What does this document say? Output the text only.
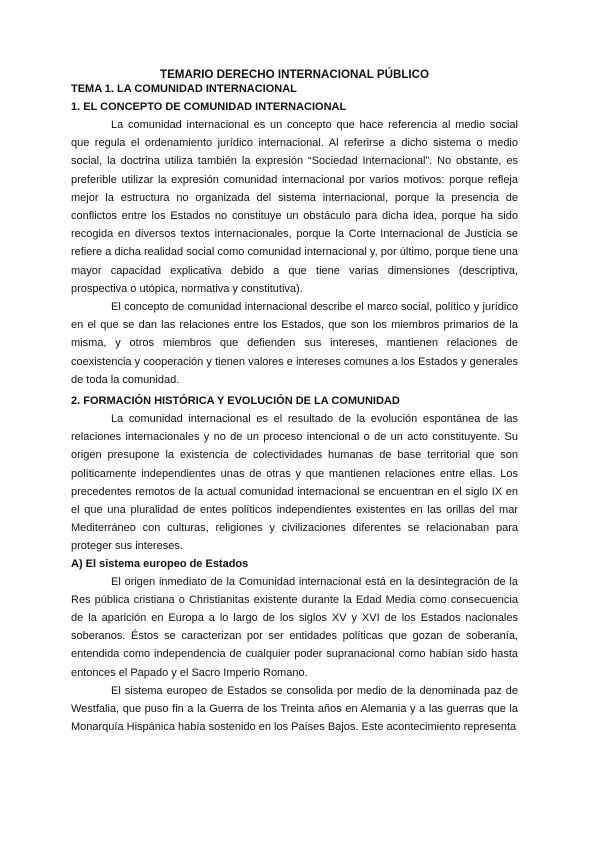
TEMARIO DERECHO INTERNACIONAL PÚBLICO
TEMA 1. LA COMUNIDAD INTERNACIONAL
1. EL CONCEPTO DE COMUNIDAD INTERNACIONAL

La comunidad internacional es un concepto que hace referencia al medio social que regula el ordenamiento jurídico internacional. Al referirse a dicho sistema o medio social, la doctrina utiliza también la expresión “Sociedad Internacional”. No obstante, es preferible utilizar la expresión comunidad internacional por varios motivos: porque refleja mejor la estructura no organizada del sistema internacional, porque la presencia de conflictos entre los Estados no constituye un obstáculo para dicha idea, porque ha sido recogida en diversos textos internacionales, porque la Corte Internacional de Justicia se refiere a dicha realidad social como comunidad internacional y, por último, porque tiene una mayor capacidad explicativa debido a que tiene varias dimensiones (descriptiva, prospectiva o utópica, normativa y constitutiva).

El concepto de comunidad internacional describe el marco social, político y jurídico en el que se dan las relaciones entre los Estados, que son los miembros primarios de la misma, y otros miembros que defienden sus intereses, mantienen relaciones de coexistencia y cooperación y tienen valores e intereses comunes a los Estados y generales de toda la comunidad.

2. FORMACIÓN HISTÓRICA Y EVOLUCIÓN DE LA COMUNIDAD

La comunidad internacional es el resultado de la evolución espontánea de las relaciones internacionales y no de un proceso intencional o de un acto constituyente. Su origen presupone la existencia de colectividades humanas de base territorial que son políticamente independientes unas de otras y que mantienen relaciones entre ellas. Los precedentes remotos de la actual comunidad internacional se encuentran en el siglo IX en el que una pluralidad de entes políticos independientes existentes en las orillas del mar Mediterráneo con culturas, religiones y civilizaciones diferentes se relacionaban para proteger sus intereses.

A) El sistema europeo de Estados

El origen inmediato de la Comunidad internacional está en la desintegración de la Res pública cristiana o Christianitas existente durante la Edad Media como consecuencia de la aparición en Europa a lo largo de los siglos XV y XVI de los Estados nacionales soberanos. Éstos se caracterizan por ser entidades políticas que gozan de soberanía, entendida como independencia de cualquier poder supranacional como habían sido hasta entonces el Papado y el Sacro Imperio Romano.

El sistema europeo de Estados se consolida por medio de la denominada paz de Westfalia, que puso fin a la Guerra de los Treinta años en Alemania y a las guerras que la Monarquía Hispánica había sostenido en los Países Bajos. Este acontecimiento representa
